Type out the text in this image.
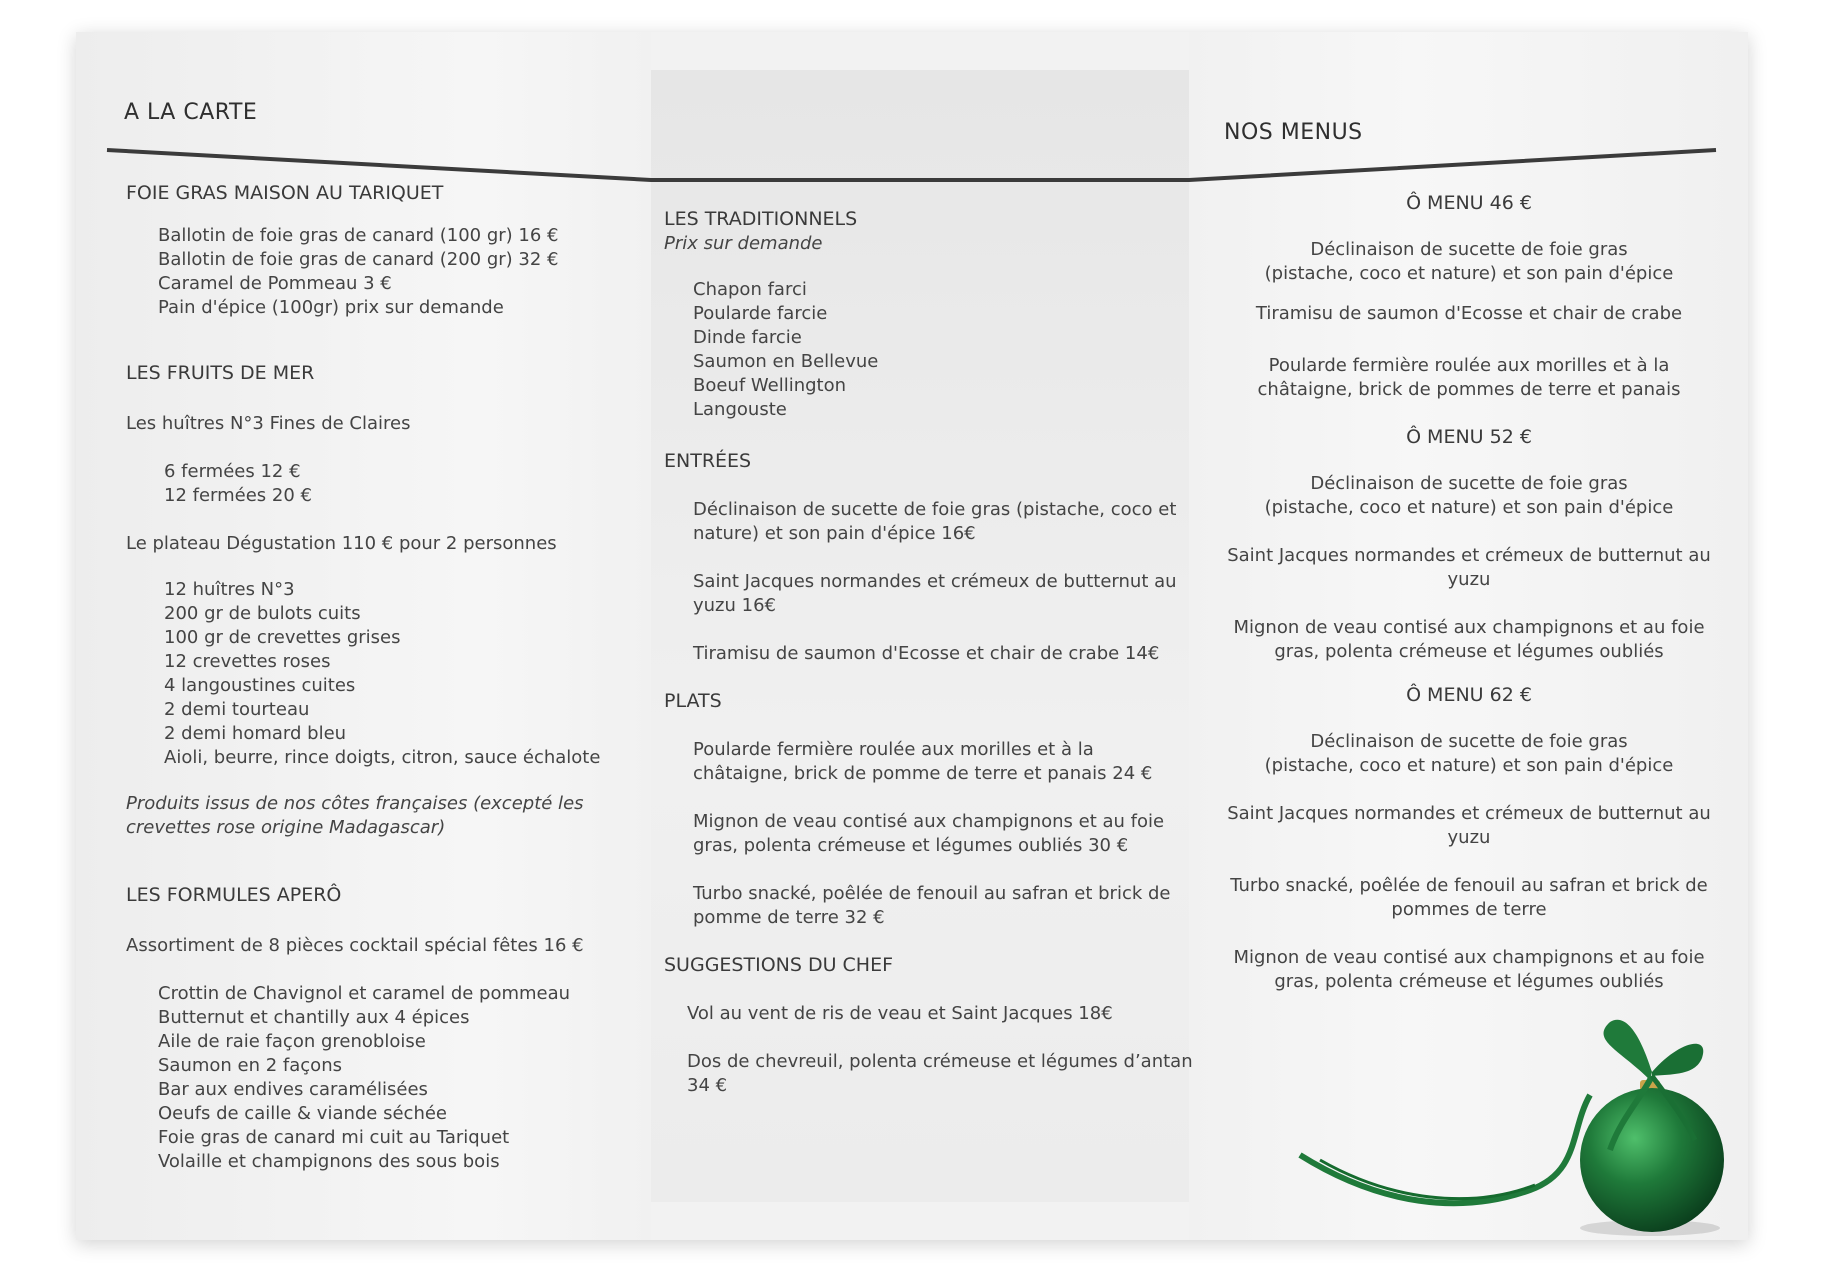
A LA CARTE
FOIE GRAS MAISON AU TARIQUET
Ballotin de foie gras de canard (100 gr) 16 €
Ballotin de foie gras de canard (200 gr) 32 €
Caramel de Pommeau 3 €
Pain d'épice (100gr) prix sur demande
LES FRUITS DE MER
Les huîtres N°3 Fines de Claires
6 fermées 12 €
12 fermées 20 €
Le plateau Dégustation 110 € pour 2 personnes
12 huîtres N°3
200 gr de bulots cuits
100 gr de crevettes grises
12 crevettes roses
4 langoustines cuites
2 demi tourteau
2 demi homard bleu
Aioli, beurre, rince doigts, citron, sauce échalote
Produits issus de nos côtes françaises (excepté les
crevettes rose origine Madagascar)
LES FORMULES APERÔ
Assortiment de 8 pièces cocktail spécial fêtes 16 €
Crottin de Chavignol et caramel de pommeau
Butternut et chantilly aux 4 épices
Aile de raie façon grenobloise
Saumon en 2 façons
Bar aux endives caramélisées
Oeufs de caille & viande séchée
Foie gras de canard mi cuit au Tariquet
Volaille et champignons des sous bois
LES TRADITIONNELS
Prix sur demande
Chapon farci
Poularde farcie
Dinde farcie
Saumon en Bellevue
Boeuf Wellington
Langouste
ENTRÉES
Déclinaison de sucette de foie gras (pistache, coco et
nature) et son pain d'épice 16€
Saint Jacques normandes et crémeux de butternut au
yuzu 16€
Tiramisu de saumon d'Ecosse et chair de crabe 14€
PLATS
Poularde fermière roulée aux morilles et à la
châtaigne, brick de pomme de terre et panais 24 €
Mignon de veau contisé aux champignons et au foie
gras, polenta crémeuse et légumes oubliés 30 €
Turbo snacké, poêlée de fenouil au safran et brick de
pomme de terre 32 €
SUGGESTIONS DU CHEF
Vol au vent de ris de veau et Saint Jacques 18€
Dos de chevreuil, polenta crémeuse et légumes d’antan
34 €
NOS MENUS
Ô MENU 46 €
Déclinaison de sucette de foie gras
(pistache, coco et nature) et son pain d'épice
Tiramisu de saumon d'Ecosse et chair de crabe
Poularde fermière roulée aux morilles et à la
châtaigne, brick de pommes de terre et panais
Ô MENU 52 €
Déclinaison de sucette de foie gras
(pistache, coco et nature) et son pain d'épice
Saint Jacques normandes et crémeux de butternut au
yuzu
Mignon de veau contisé aux champignons et au foie
gras, polenta crémeuse et légumes oubliés
Ô MENU 62 €
Déclinaison de sucette de foie gras
(pistache, coco et nature) et son pain d'épice
Saint Jacques normandes et crémeux de butternut au
yuzu
Turbo snacké, poêlée de fenouil au safran et brick de
pommes de terre
Mignon de veau contisé aux champignons et au foie
gras, polenta crémeuse et légumes oubliés
